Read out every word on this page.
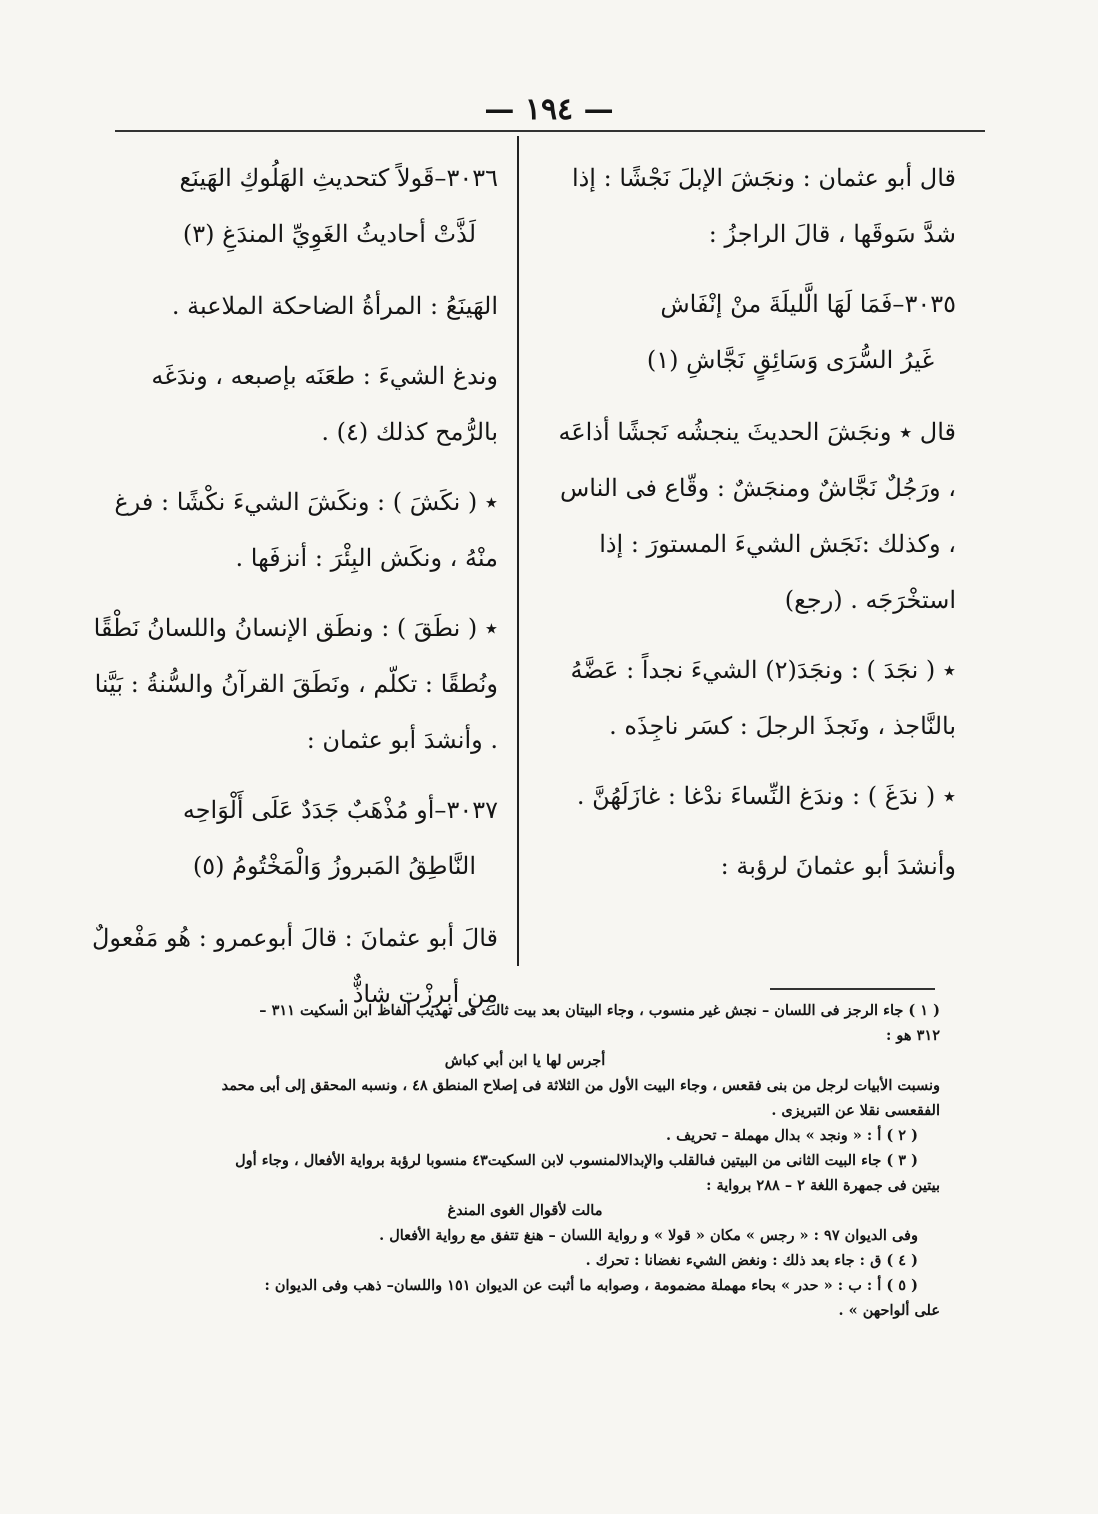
— ١٩٤ —

قال أبو عثمان : ونجَشَ الإبلَ نَجْشًا : إذا شدَّ سَوقَها ، قالَ الراجزُ :

٣٠٣٥–فَمَا لَهَا الَّليلَةَ منْ إنْفَاش
غَيرُ السُّرَى وَسَائِقٍ نَجَّاشِ (١)

قال ٭ ونجَشَ الحديثَ ينجشُه نَجشًا أذاعَه ، ورَجُلٌ نَجَّاشٌ ومنجَشٌ : وقّاع فى الناس ، وكذلك :نَجَش الشيءَ المستورَ : إذا استخْرَجَه . (رجع)

٭ ( نجَدَ ) : ونجَدَ(٢) الشيءَ نجداً : عَضَّهُ بالنَّاجذ ، ونَجذَ الرجلَ : كسَر ناجِذَه .

٭ ( ندَغَ ) : وندَغ النِّساءَ ندْغا : غازَلَهُنَّ .

وأنشدَ أبو عثمانَ لرؤبة :

٣٠٣٦–قَولاً كتحديثِ الهَلُوكِ الهَينَع
لَذَّتْ أحاديثُ الغَوِيِّ المندَغِ (٣)

الهَينَعُ : المرأةُ الضاحكة الملاعبة .

وندغ الشيءَ : طعَنَه بإصبعه ، وندَغَه بالرُّمح كذلك (٤) .

٭ ( نكَشَ ) : ونكَشَ الشيءَ نكْشًا : فرغ منْهُ ، ونكَش البِئْرَ : أنزفَها .

٭ ( نطَقَ ) : ونطَق الإنسانُ واللسانُ نَطْقًا ونُطقًا : تكلّم ، ونَطَقَ القرآنُ والسُّنةُ : بَيَّنا . وأنشدَ أبو عثمان :

٣٠٣٧–أو مُذْهَبٌ جَدَدٌ عَلَى أَلْوَاحِه
النَّاطِقُ المَبروزُ وَالْمَخْتُومُ (٥)

قالَ أبو عثمانَ : قالَ أبوعمرو : هُو مَفْعولٌ مِن أبرزْت شاذٌّ .

( ١ ) جاء الرجز فى اللسان – نجش غير منسوب ، وجاء البيتان بعد بيت ثالث فى تهذيب ألفاظ ابن السكيت ٣١١ –
٣١٢ هو :
أجرس لها يا ابن أبي كباش
ونسبت الأبيات لرجل من بنى فقعس ، وجاء البيت الأول من الثلاثة فى إصلاح المنطق ٤٨ ، ونسبه المحقق إلى أبى محمد
الفقعسى نقلا عن التبريزى .
( ٢ ) أ : « ونجد » بدال مهملة – تحريف .
( ٣ ) جاء البيت الثانى من البيتين فىالقلب والإبدالالمنسوب لابن السكيت٤٣ منسوبا لرؤبة برواية الأفعال ، وجاء أول
بيتين فى جمهرة اللغة ٢ – ٢٨٨ برواية :
مالت لأقوال الغوى المندغ
وفى الديوان ٩٧ : « رجس » مكان « قولا » و رواية اللسان – هنغ تتفق مع رواية الأفعال .
( ٤ ) ق : جاء بعد ذلك : ونغض الشيء نغضانا : تحرك .
( ٥ ) أ : ب : « حدر » بحاء مهملة مضمومة ، وصوابه ما أثبت عن الديوان ١٥١ واللسان– ذهب وفى الديوان :
على ألواحهن » .
